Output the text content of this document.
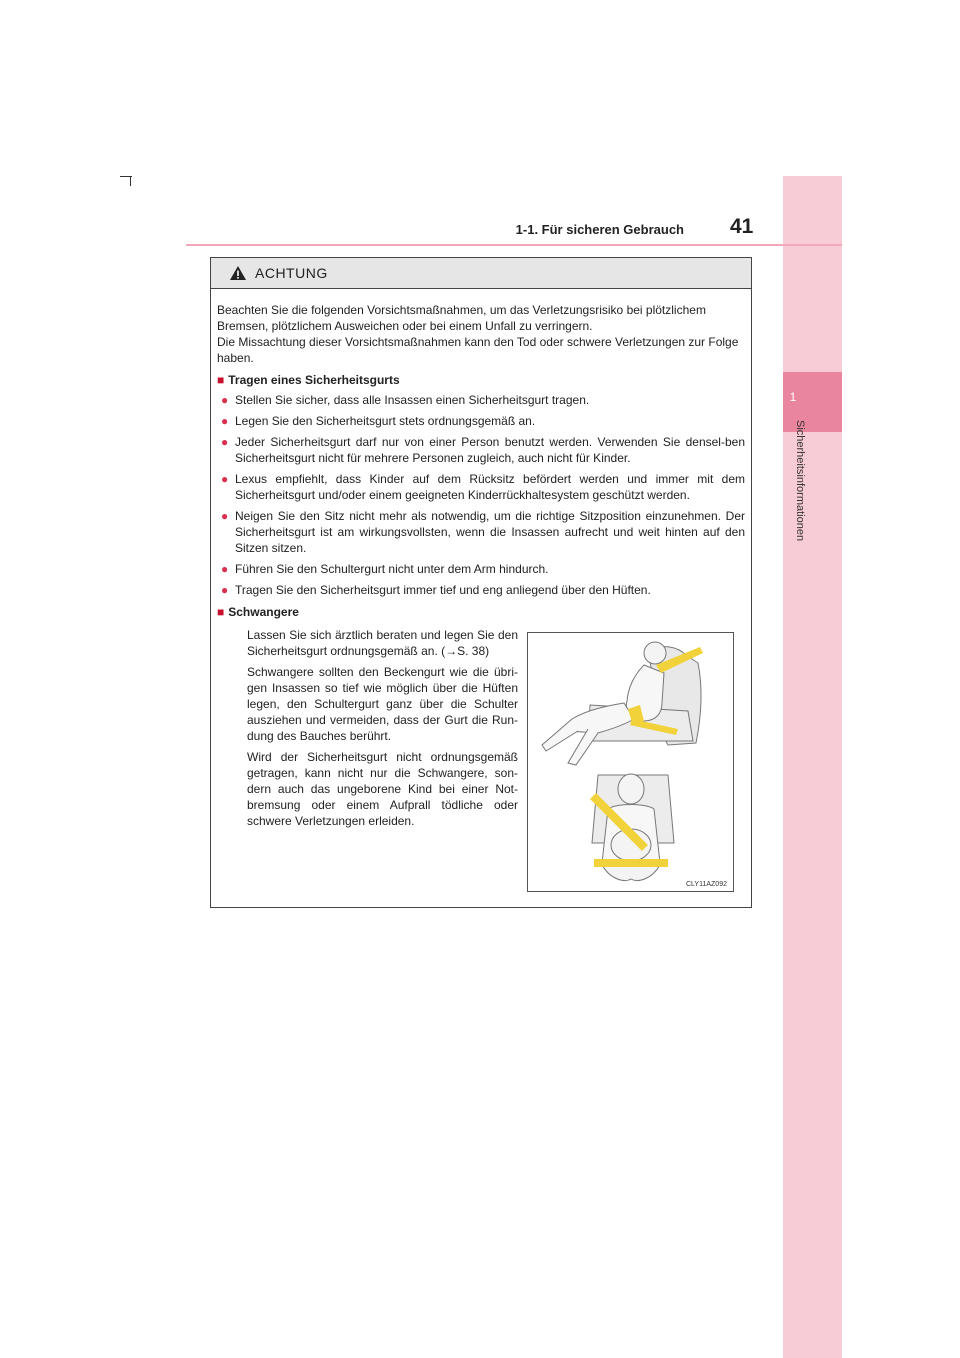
1
Sicherheitsinformationen
1-1. Für sicheren Gebrauch 41
ACHTUNG

Beachten Sie die folgenden Vorsichtsmaßnahmen, um das Verletzungsrisiko bei plötzlichem Bremsen, plötzlichem Ausweichen oder bei einem Unfall zu verringern.

Die Missachtung dieser Vorsichtsmaßnahmen kann den Tod oder schwere Verletzungen zur Folge haben.

■ Tragen eines Sicherheitsgurts
● Stellen Sie sicher, dass alle Insassen einen Sicherheitsgurt tragen.
● Legen Sie den Sicherheitsgurt stets ordnungsgemäß an.
● Jeder Sicherheitsgurt darf nur von einer Person benutzt werden. Verwenden Sie densel-ben Sicherheitsgurt nicht für mehrere Personen zugleich, auch nicht für Kinder.
● Lexus empfiehlt, dass Kinder auf dem Rücksitz befördert werden und immer mit dem Sicherheitsgurt und/oder einem geeigneten Kinderrückhaltesystem geschützt werden.
● Neigen Sie den Sitz nicht mehr als notwendig, um die richtige Sitzposition einzunehmen. Der Sicherheitsgurt ist am wirkungsvollsten, wenn die Insassen aufrecht und weit hinten auf den Sitzen sitzen.
● Führen Sie den Schultergurt nicht unter dem Arm hindurch.
● Tragen Sie den Sicherheitsgurt immer tief und eng anliegend über den Hüften.
■ Schwangere

Lassen Sie sich ärztlich beraten und legen Sie den Sicherheitsgurt ordnungsgemäß an. (→S. 38)

Schwangere sollten den Beckengurt wie die übri-gen Insassen so tief wie möglich über die Hüften legen, den Schultergurt ganz über die Schulter ausziehen und vermeiden, dass der Gurt die Run-dung des Bauches berührt.

Wird der Sicherheitsgurt nicht ordnungsgemäß getragen, kann nicht nur die Schwangere, son-dern auch das ungeborene Kind bei einer Not-bremsung oder einem Aufprall tödliche oder schwere Verletzungen erleiden.

CLY11AZ092
